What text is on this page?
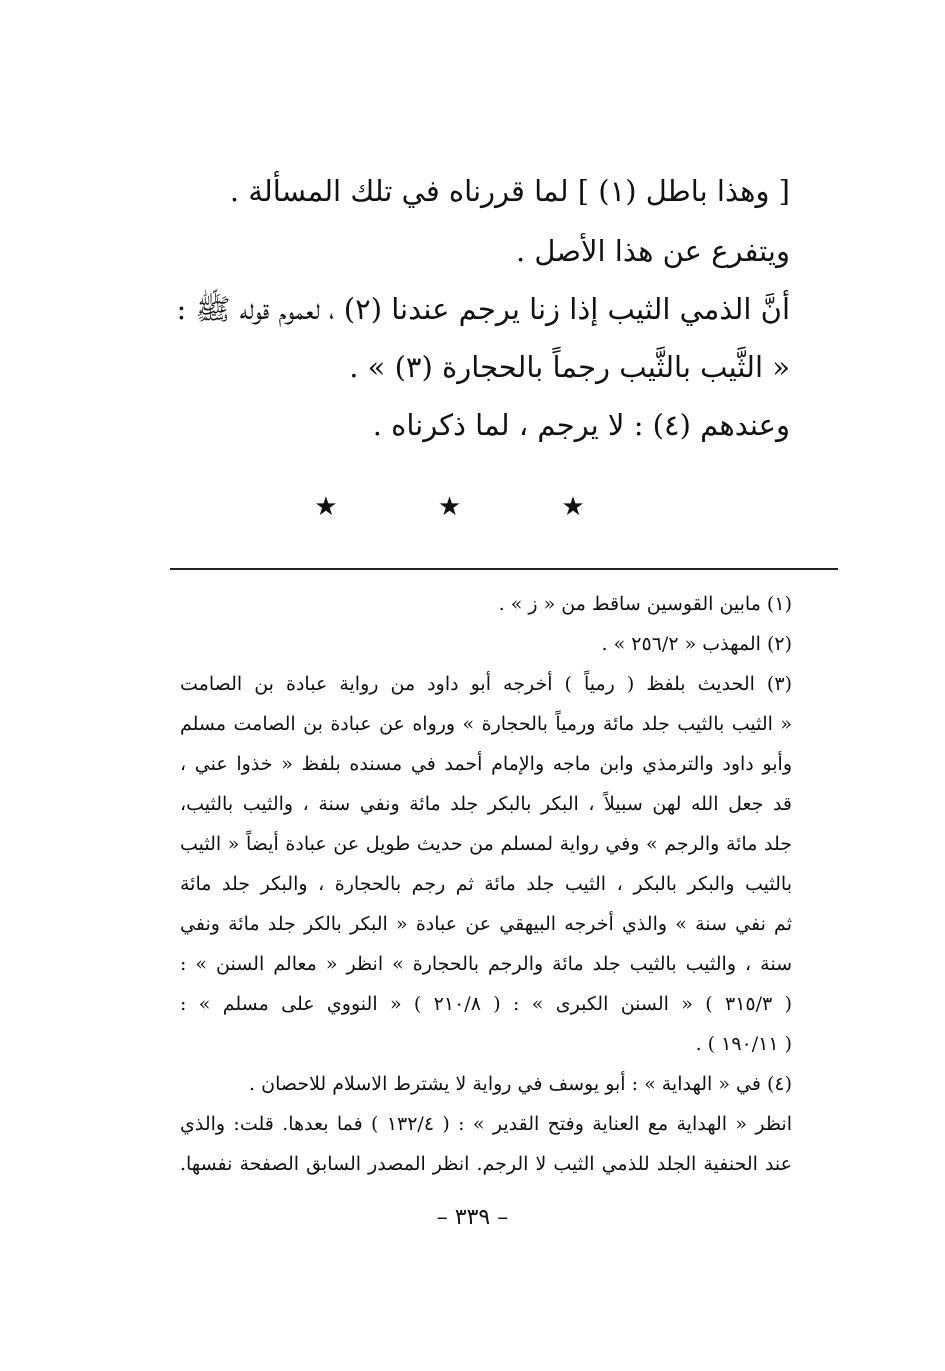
[ وهذا باطل (١) ] لما قررناه في تلك المسألة .
ويتفرع عن هذا الأصل .
أنَّ الذمي الثيب إذا زنا يرجم عندنا (٢) ، لعموم قوله ﷺ :
« الثَّيب بالثَّيب رجماً بالحجارة (٣) » .
وعندهم (٤) : لا يرجم ، لما ذكرناه .
★ ★ ★
(١) مابين القوسين ساقط من « ز » .
(٢) المهذب « ٢٥٦/٢ » .
(٣) الحديث بلفظ ( رمياً ) أخرجه أبو داود من رواية عبادة بن الصامت
« الثيب بالثيب جلد مائة ورمياً بالحجارة » ورواه عن عبادة بن الصامت مسلم
وأبو داود والترمذي وابن ماجه والإمام أحمد في مسنده بلفظ « خذوا عني ،
قد جعل الله لهن سبيلاً ، البكر بالبكر جلد مائة ونفي سنة ، والثيب بالثيب،
جلد مائة والرجم » وفي رواية لمسلم من حديث طويل عن عبادة أيضاً « الثيب
بالثيب والبكر بالبكر ، الثيب جلد مائة ثم رجم بالحجارة ، والبكر جلد مائة
ثم نفي سنة » والذي أخرجه البيهقي عن عبادة « البكر بالكر جلد مائة ونفي
سنة ، والثيب بالثيب جلد مائة والرجم بالحجارة » انظر « معالم السنن » :
( ٣١٥/٣ ) « السنن الكبرى » : ( ٢١٠/٨ ) « النووي على مسلم » :
( ١٩٠/١١ ) .
(٤) في « الهداية » : أبو يوسف في رواية لا يشترط الاسلام للاحصان .
انظر « الهداية مع العناية وفتح القدير » : ( ١٣٢/٤ ) فما بعدها. قلت: والذي
عند الحنفية الجلد للذمي الثيب لا الرجم. انظر المصدر السابق الصفحة نفسها.
– ٣٣٩ –
